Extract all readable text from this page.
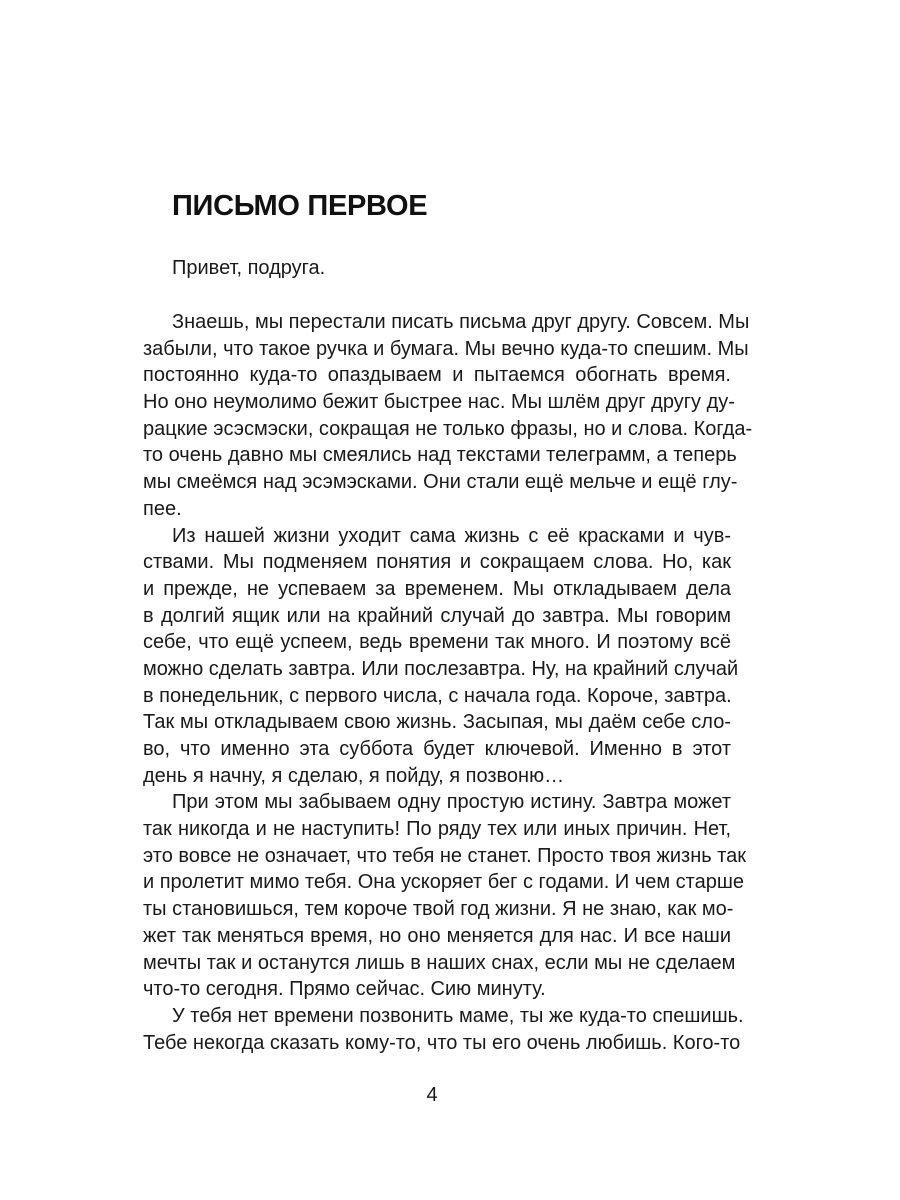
ПИСЬМО ПЕРВОЕ
Привет, подруга.
Знаешь, мы перестали писать письма друг другу. Совсем. Мы
забыли, что такое ручка и бумага. Мы вечно куда-то спешим. Мы
постоянно куда-то опаздываем и пытаемся обогнать время.
Но оно неумолимо бежит быстрее нас. Мы шлём друг другу ду-
рацкие эсэсмэски, сокращая не только фразы, но и слова. Когда-
то очень давно мы смеялись над текстами телеграмм, а теперь
мы смеёмся над эсэмэсками. Они стали ещё мельче и ещё глу-
пее.
Из нашей жизни уходит сама жизнь с её красками и чув-
ствами. Мы подменяем понятия и сокращаем слова. Но, как
и прежде, не успеваем за временем. Мы откладываем дела
в долгий ящик или на крайний случай до завтра. Мы говорим
себе, что ещё успеем, ведь времени так много. И поэтому всё
можно сделать завтра. Или послезавтра. Ну, на крайний случай
в понедельник, с первого числа, с начала года. Короче, завтра.
Так мы откладываем свою жизнь. Засыпая, мы даём себе сло-
во, что именно эта суббота будет ключевой. Именно в этот
день я начну, я сделаю, я пойду, я позвоню…
При этом мы забываем одну простую истину. Завтра может
так никогда и не наступить! По ряду тех или иных причин. Нет,
это вовсе не означает, что тебя не станет. Просто твоя жизнь так
и пролетит мимо тебя. Она ускоряет бег с годами. И чем старше
ты становишься, тем короче твой год жизни. Я не знаю, как мо-
жет так меняться время, но оно меняется для нас. И все наши
мечты так и останутся лишь в наших снах, если мы не сделаем
что-то сегодня. Прямо сейчас. Сию минуту.
У тебя нет времени позвонить маме, ты же куда-то спешишь.
Тебе некогда сказать кому-то, что ты его очень любишь. Кого-то
4
